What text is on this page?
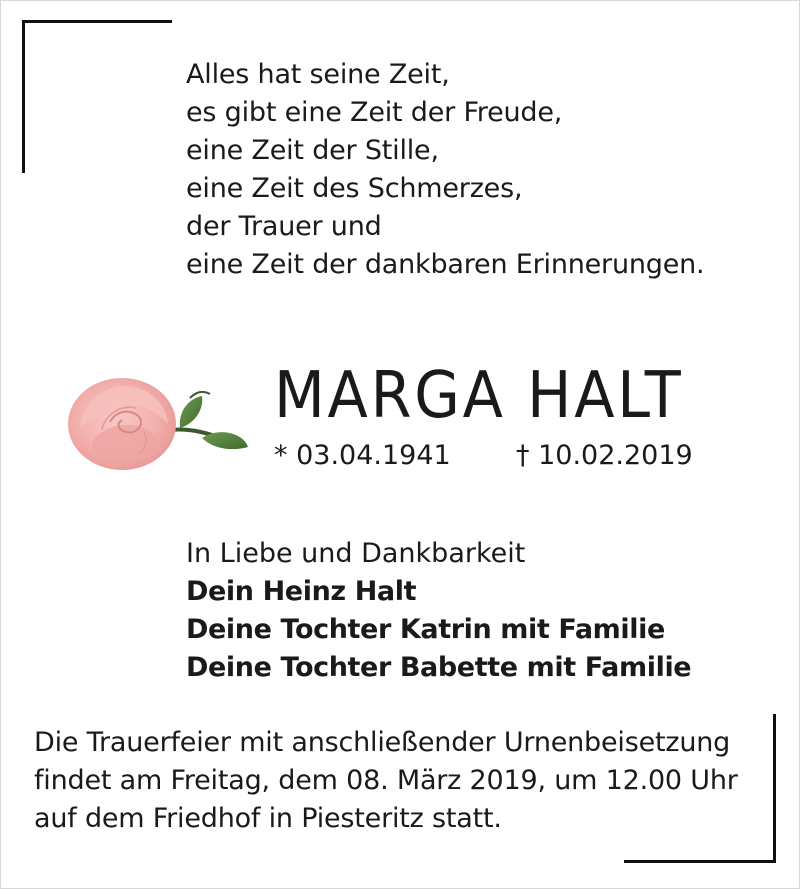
Alles hat seine Zeit,
es gibt eine Zeit der Freude,
eine Zeit der Stille,
eine Zeit des Schmerzes,
der Trauer und
eine Zeit der dankbaren Erinnerungen.
MARGA HALT
* 03.04.1941 † 10.02.2019
In Liebe und Dankbarkeit
Dein Heinz Halt
Deine Tochter Katrin mit Familie
Deine Tochter Babette mit Familie
Die Trauerfeier mit anschließender Urnenbeisetzung
findet am Freitag, dem 08. März 2019, um 12.00 Uhr
auf dem Friedhof in Piesteritz statt.
